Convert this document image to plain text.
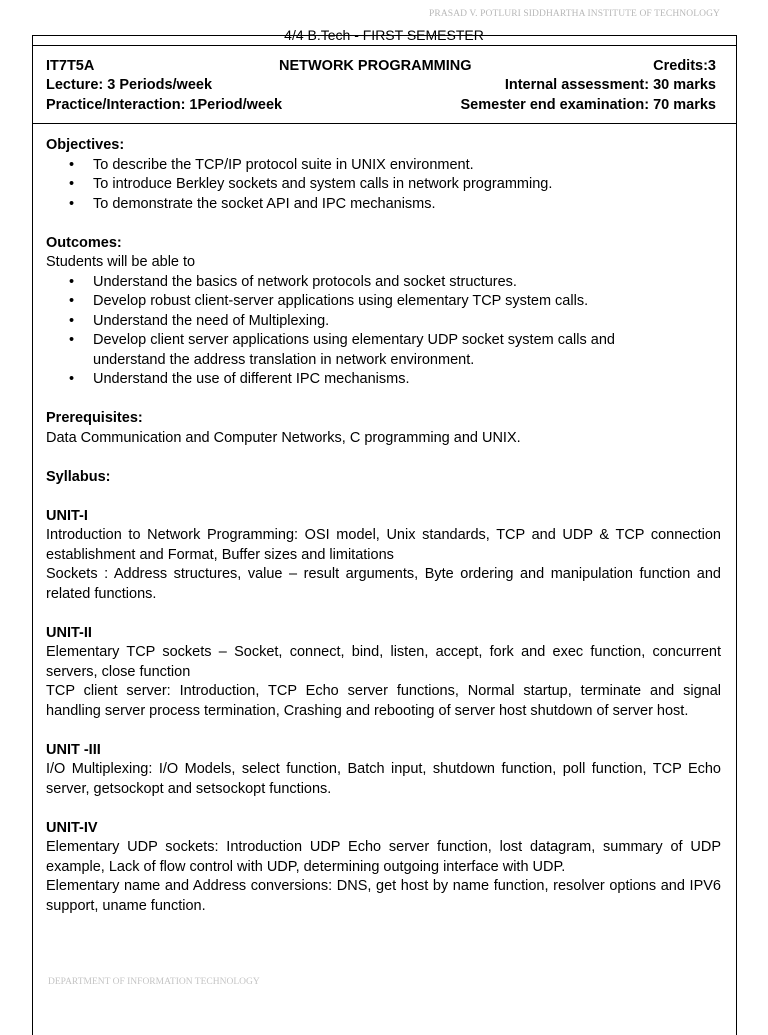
PRASAD V. POTLURI SIDDHARTHA INSTITUTE OF TECHNOLOGY
4/4 B.Tech - FIRST SEMESTER
IT7T5A	NETWORK PROGRAMMING	Credits:3
Lecture: 3 Periods/week	Internal assessment: 30 marks
Practice/Interaction: 1Period/week	Semester end examination: 70 marks

Objectives:

• To describe the TCP/IP protocol suite in UNIX environment.
• To introduce Berkley sockets and system calls in network programming.
• To demonstrate the socket API and IPC mechanisms.

Outcomes:

Students will be able to

• Understand the basics of network protocols and socket structures.
• Develop robust client-server applications using elementary TCP system calls.
• Understand the need of Multiplexing.
• Develop client server applications using elementary UDP socket system calls and understand the address translation in network environment.
• Understand the use of different IPC mechanisms.

Prerequisites:

Data Communication and Computer Networks, C programming and UNIX.

Syllabus:

UNIT-I

Introduction to Network Programming: OSI model, Unix standards, TCP and UDP & TCP connection establishment and Format, Buffer sizes and limitations

Sockets : Address structures, value – result arguments, Byte ordering and manipulation function and related functions.

UNIT-II

Elementary TCP sockets – Socket, connect, bind, listen, accept, fork and exec function, concurrent servers, close function

TCP client server: Introduction, TCP Echo server functions, Normal startup, terminate and signal handling server process termination, Crashing and rebooting of server host shutdown of server host.

UNIT -III

I/O Multiplexing: I/O Models, select function, Batch input, shutdown function, poll function, TCP Echo server, getsockopt and setsockopt functions.

UNIT-IV

Elementary UDP sockets: Introduction UDP Echo server function, lost datagram, summary of UDP example, Lack of flow control with UDP, determining outgoing interface with UDP.

Elementary name and Address conversions: DNS, get host by name function, resolver options and IPV6 support, uname function.

DEPARTMENT OF INFORMATION TECHNOLOGY
